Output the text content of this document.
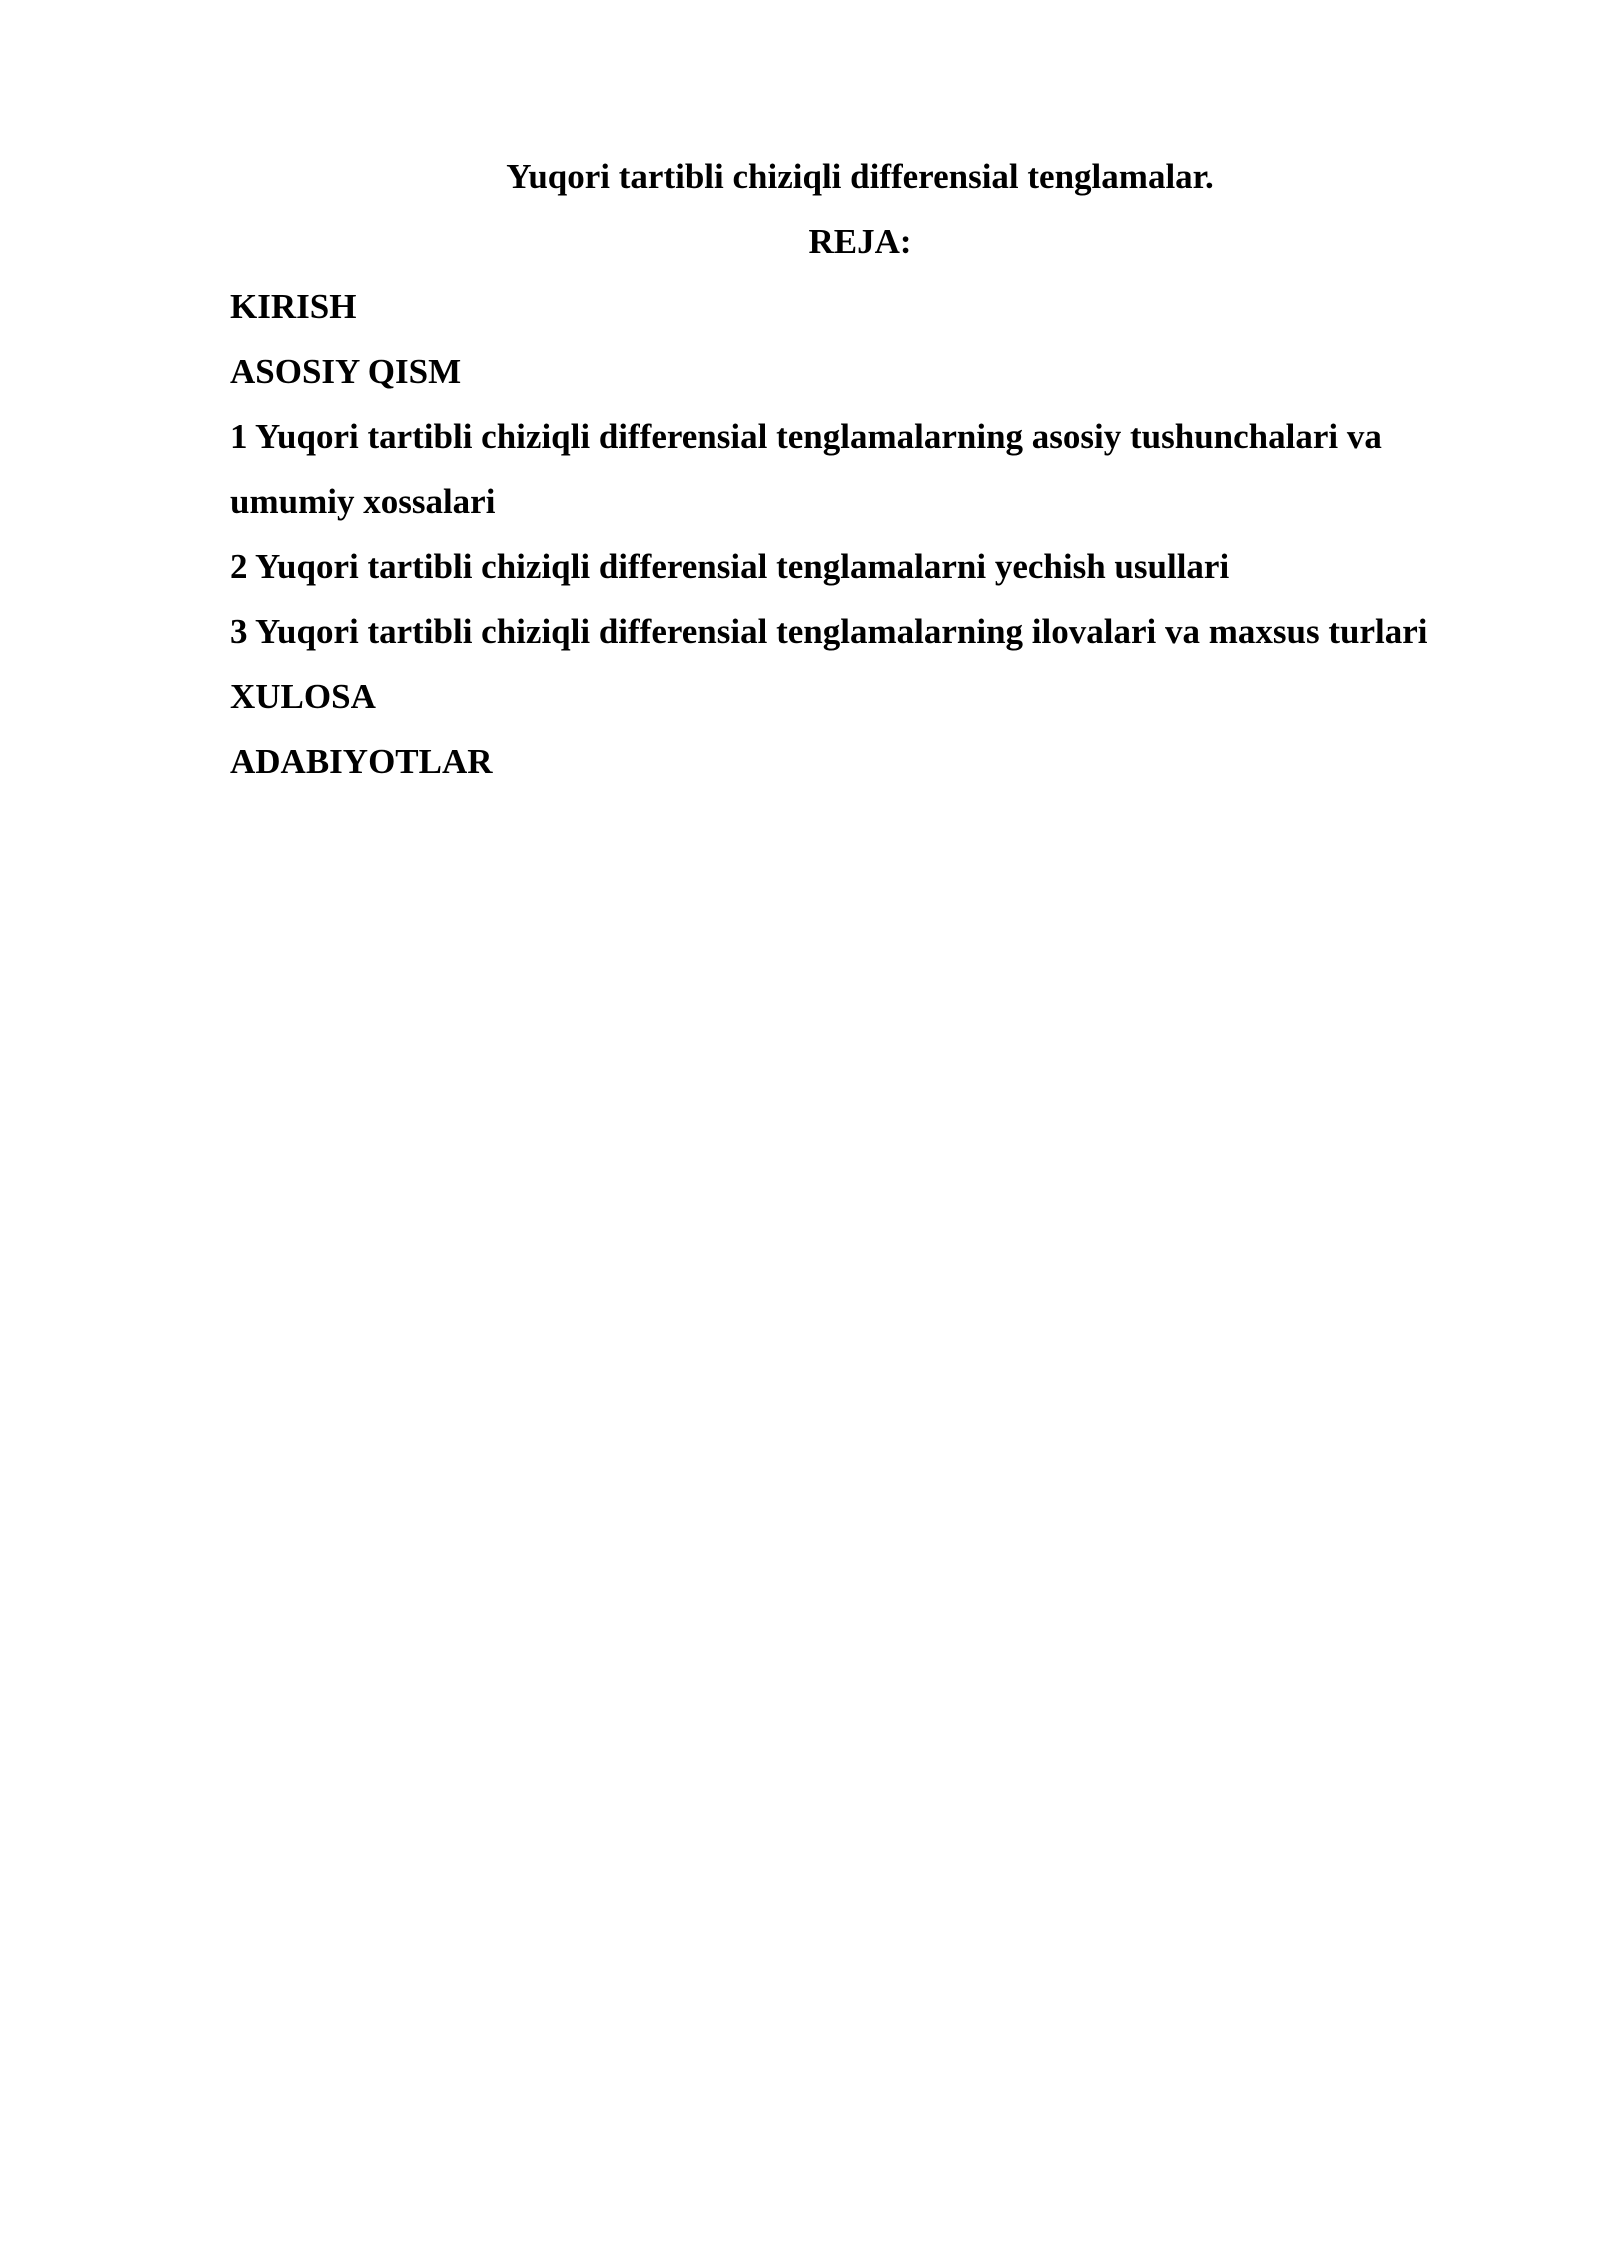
Yuqori tartibli chiziqli differensial tenglamalar.
REJA:
KIRISH
ASOSIY QISM
1 Yuqori tartibli chiziqli differensial tenglamalarning asosiy tushunchalari va umumiy xossalari
2 Yuqori tartibli chiziqli differensial tenglamalarni yechish usullari
3 Yuqori tartibli chiziqli differensial tenglamalarning ilovalari va maxsus turlari
XULOSA
ADABIYOTLAR
